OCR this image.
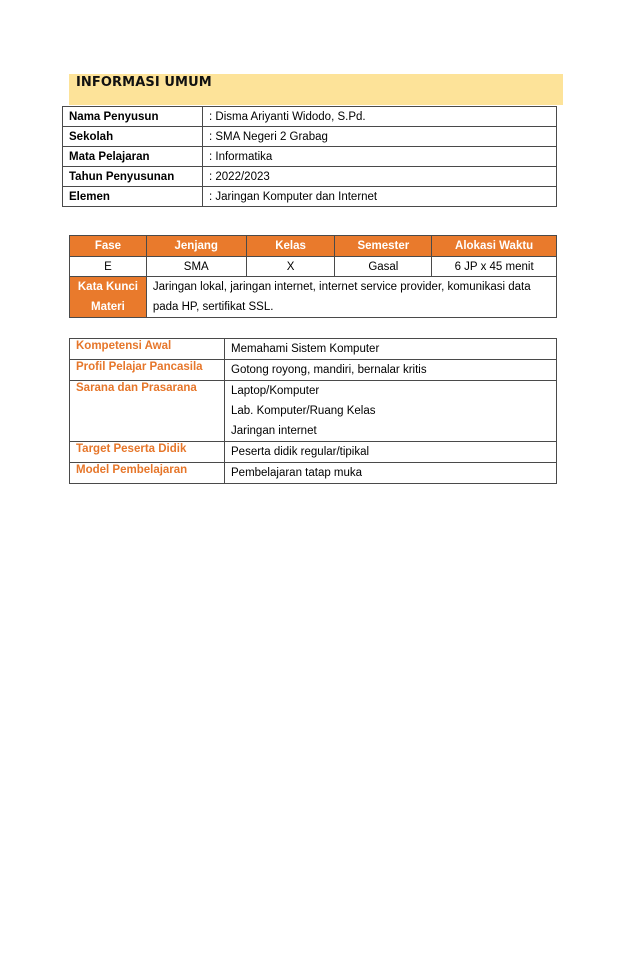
INFORMASI UMUM
Nama Penyusun	: Disma Ariyanti Widodo, S.Pd.
Sekolah	: SMA Negeri 2 Grabag
Mata Pelajaran	: Informatika
Tahun Penyusunan	: 2022/2023
Elemen	: Jaringan Komputer dan Internet
Fase	Jenjang	Kelas	Semester	Alokasi Waktu
E	SMA	X	Gasal	6 JP x 45 menit

Kata Kunci
Materi	Jaringan lokal, jaringan internet, internet service provider, komunikasi data
pada HP, sertifikat SSL.			
Kompetensi Awal	Memahami Sistem Komputer
Profil Pelajar Pancasila	Gotong royong, mandiri, bernalar kritis
Sarana dan Prasarana	Laptop/Komputer
Lab. Komputer/Ruang Kelas
Jaringan internet

Target Peserta Didik	Peserta didik regular/tipikal
Model Pembelajaran	Pembelajaran tatap muka
